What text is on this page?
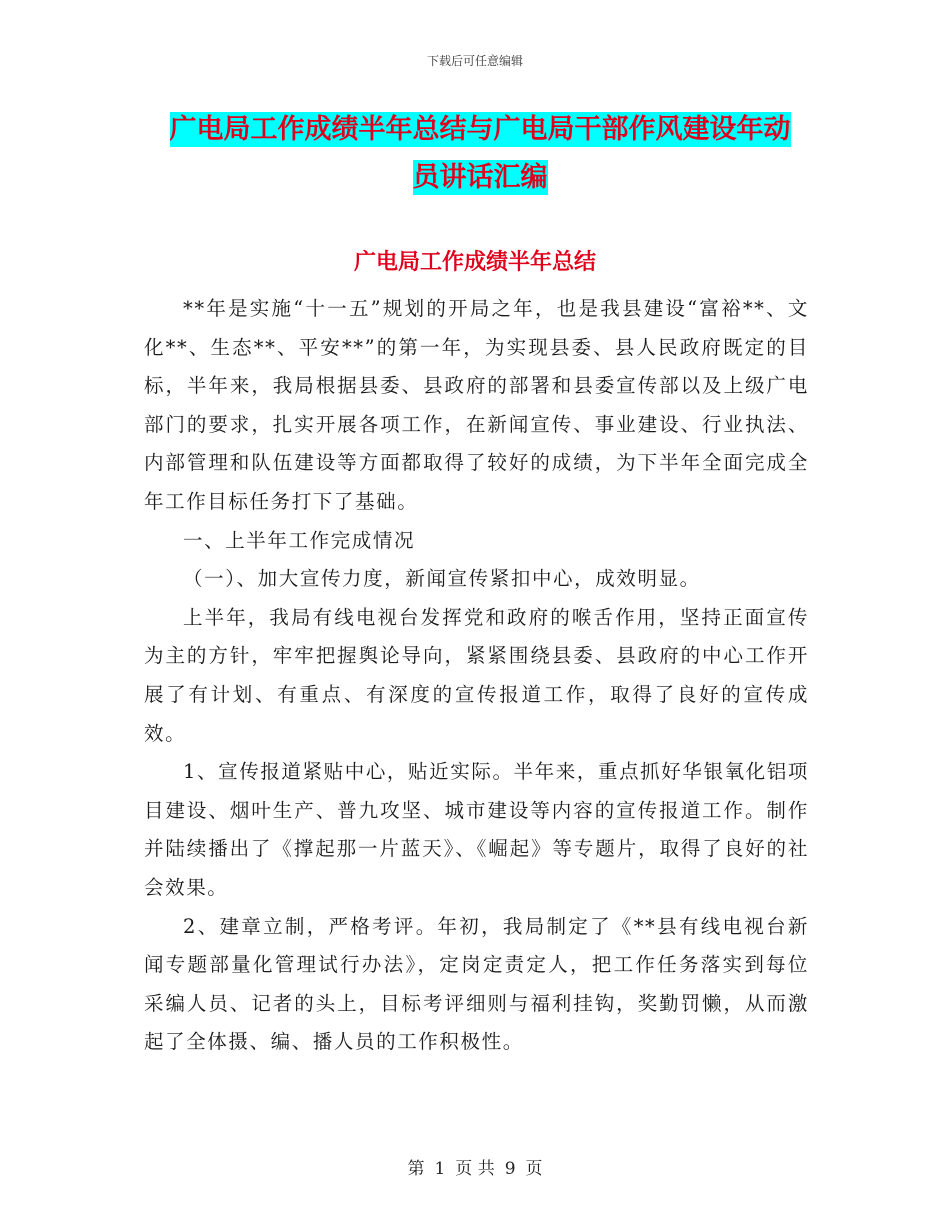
下载后可任意编辑
广电局工作成绩半年总结与广电局干部作风建设年动
员讲话汇编
广电局工作成绩半年总结

**年是实施“十一五”规划的开局之年，也是我县建设“富裕**、文化**、生态**、平安**”的第一年，为实现县委、县人民政府既定的目标，半年来，我局根据县委、县政府的部署和县委宣传部以及上级广电部门的要求，扎实开展各项工作，在新闻宣传、事业建设、行业执法、内部管理和队伍建设等方面都取得了较好的成绩，为下半年全面完成全年工作目标任务打下了基础。

一、上半年工作完成情况

（一）、加大宣传力度，新闻宣传紧扣中心，成效明显。

上半年，我局有线电视台发挥党和政府的喉舌作用，坚持正面宣传为主的方针，牢牢把握舆论导向，紧紧围绕县委、县政府的中心工作开展了有计划、有重点、有深度的宣传报道工作，取得了良好的宣传成效。

1、宣传报道紧贴中心，贴近实际。半年来，重点抓好华银氧化铝项目建设、烟叶生产、普九攻坚、城市建设等内容的宣传报道工作。制作并陆续播出了《撑起那一片蓝天》、《崛起》等专题片，取得了良好的社会效果。

2、建章立制，严格考评。年初，我局制定了《**县有线电视台新闻专题部量化管理试行办法》，定岗定责定人，把工作任务落实到每位采编人员、记者的头上，目标考评细则与福利挂钩，奖勤罚懒，从而激起了全体摄、编、播人员的工作积极性。

第 1 页 共 9 页
